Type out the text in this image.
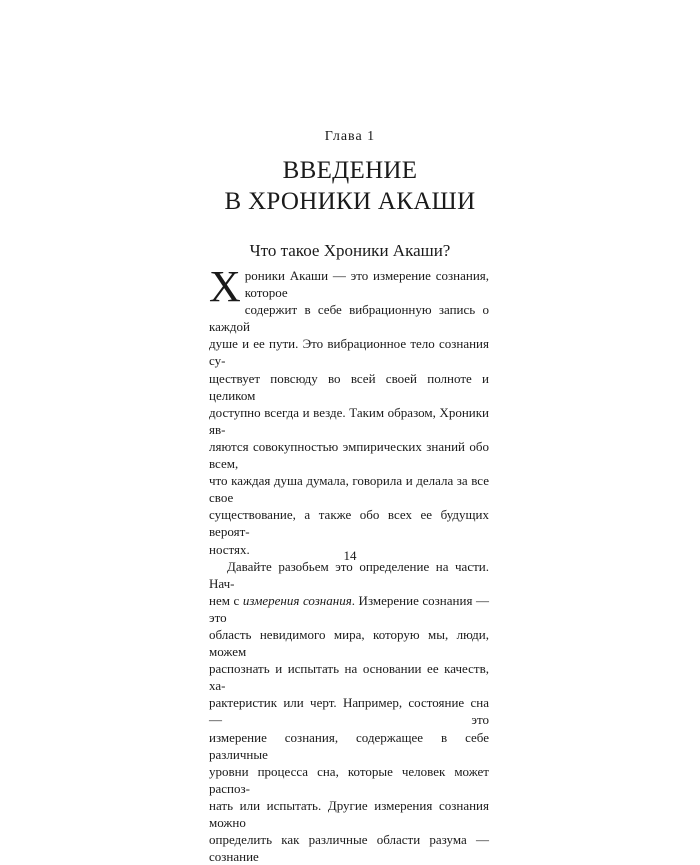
Глава 1
ВВЕДЕНИЕ
В ХРОНИКИ АКАШИ
Что такое Хроники Акаши?

Х роники Акаши — это измерение сознания, которое
содержит в себе вибрационную запись о каждой
душе и ее пути. Это вибрационное тело сознания су-
ществует повсюду во всей своей полноте и целиком
доступно всегда и везде. Таким образом, Хроники яв-
ляются совокупностью эмпирических знаний обо всем,
что каждая душа думала, говорила и делала за все свое
существование, а также обо всех ее будущих вероят-
ностях.

Давайте разобьем это определение на части. Нач-
нем с измерения сознания. Измерение сознания — это
область невидимого мира, которую мы, люди, можем
распознать и испытать на основании ее качеств, ха-
рактеристик или черт. Например, состояние сна — это
измерение сознания, содержащее в себе различные
уровни процесса сна, которые человек может распоз-
нать или испытать. Другие измерения сознания можно
определить как различные области разума — сознание

14
